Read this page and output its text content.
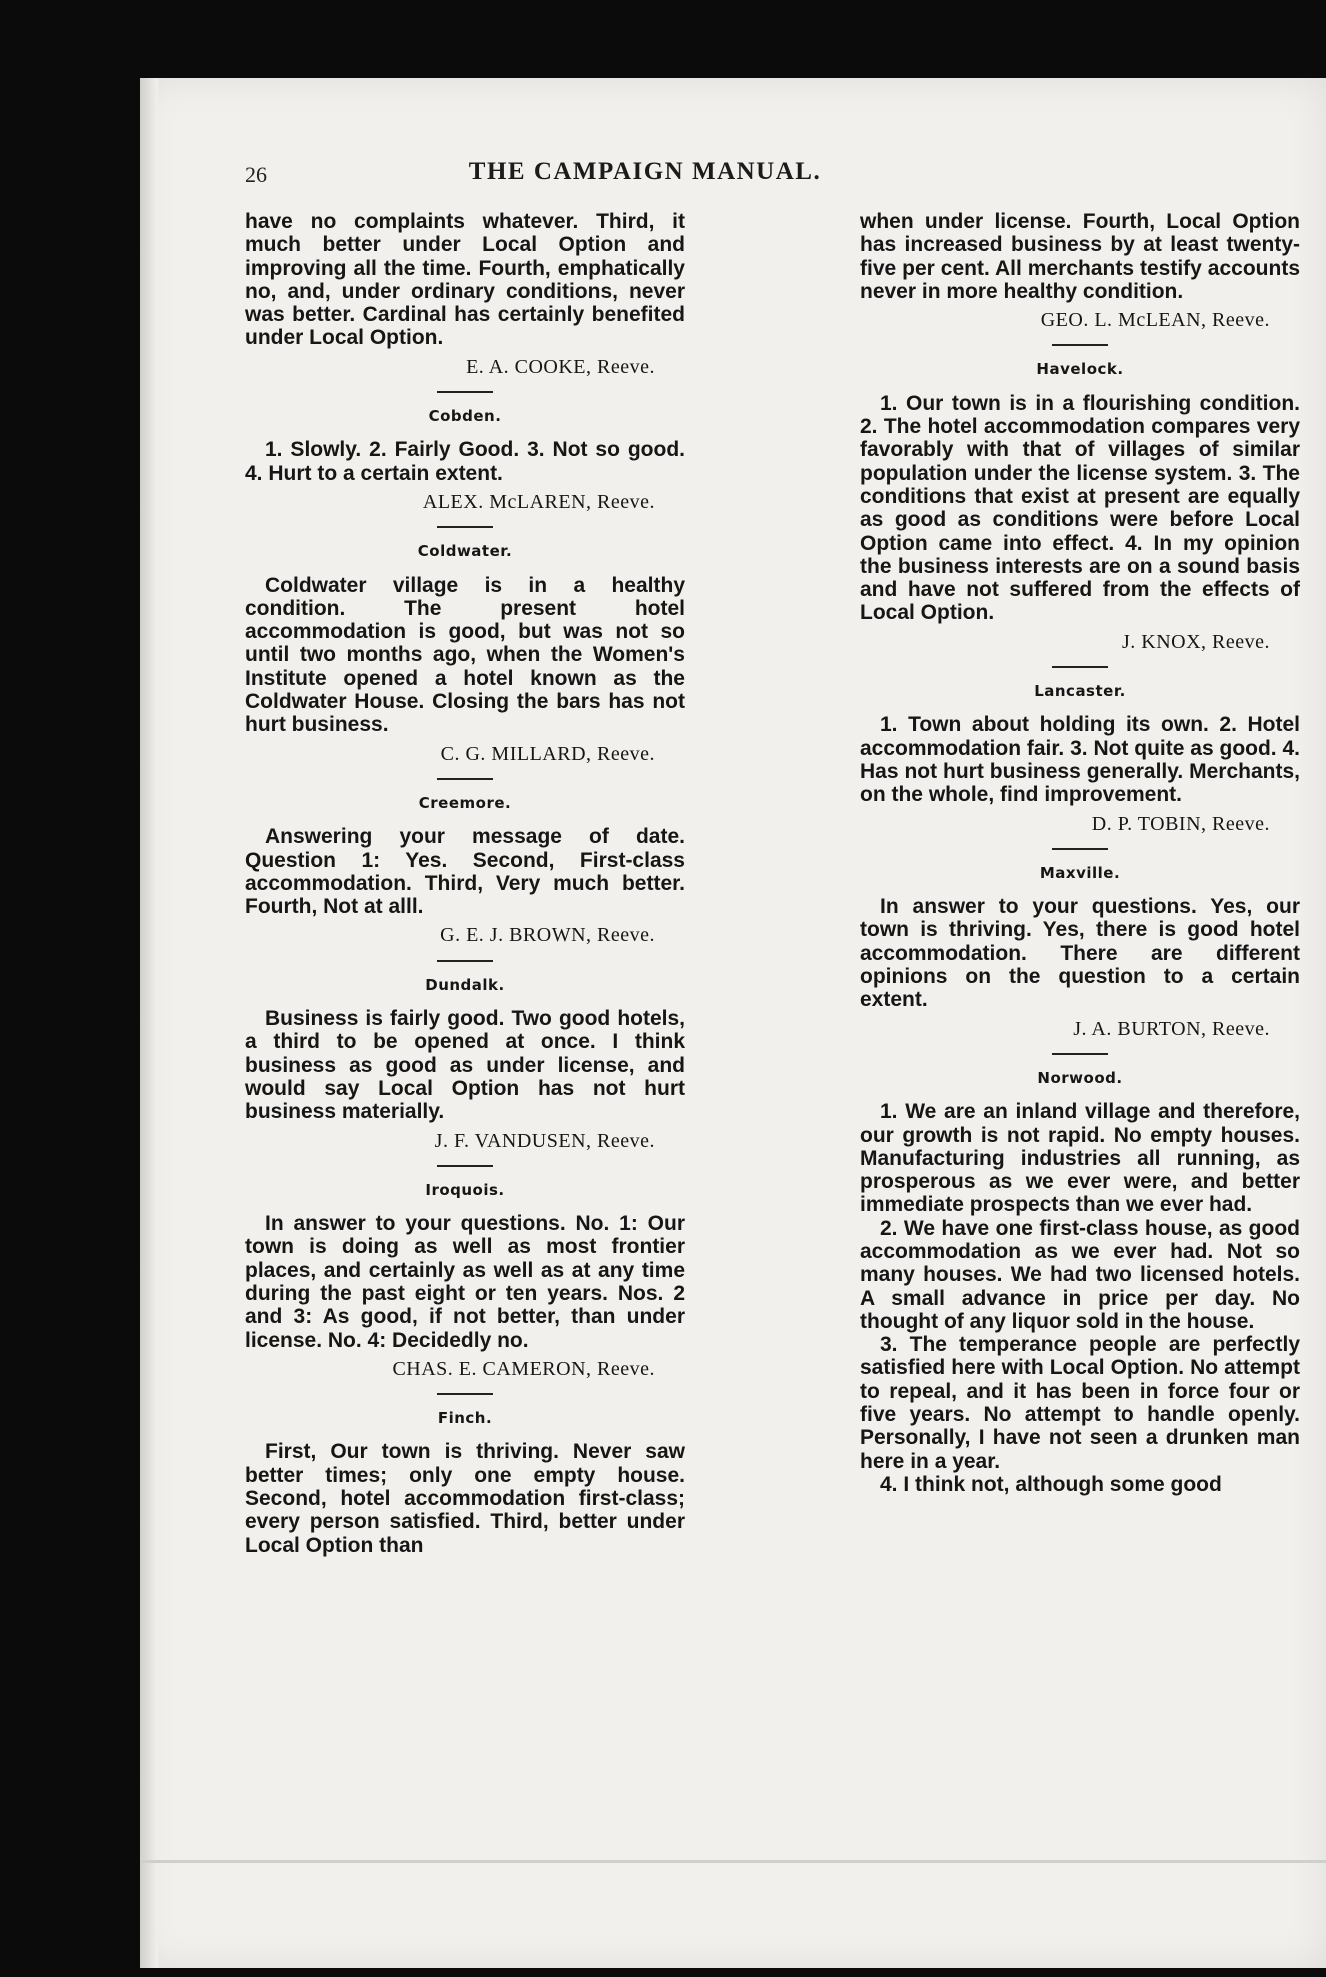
26	THE CAMPAIGN MANUAL.

have no complaints whatever. Third, it much better under Local Option and improving all the time. Fourth, emphatically no, and, under ordinary conditions, never was better. Cardinal has certainly benefited under Local Option.

E. A. COOKE, Reeve.
Cobden.

1. Slowly. 2. Fairly Good. 3. Not so good. 4. Hurt to a certain extent.

ALEX. McLAREN, Reeve.
Coldwater.

Coldwater village is in a healthy condition. The present hotel accommodation is good, but was not so until two months ago, when the Women's Institute opened a hotel known as the Coldwater House. Closing the bars has not hurt business.

C. G. MILLARD, Reeve.
Creemore.

Answering your message of date. Question 1: Yes. Second, First-class accommodation. Third, Very much better. Fourth, Not at alll.

G. E. J. BROWN, Reeve.
Dundalk.

Business is fairly good. Two good hotels, a third to be opened at once. I think business as good as under license, and would say Local Option has not hurt business materially.

J. F. VANDUSEN, Reeve.
Iroquois.

In answer to your questions. No. 1: Our town is doing as well as most frontier places, and certainly as well as at any time during the past eight or ten years. Nos. 2 and 3: As good, if not better, than under license. No. 4: Decidedly no.

CHAS. E. CAMERON, Reeve.
Finch.

First, Our town is thriving. Never saw better times; only one empty house. Second, hotel accommodation first-class; every person satisfied. Third, better under Local Option than

when under license. Fourth, Local Option has increased business by at least twenty-five per cent. All merchants testify accounts never in more healthy condition.

GEO. L. McLEAN, Reeve.
Havelock.

1. Our town is in a flourishing condition. 2. The hotel accommodation compares very favorably with that of villages of similar population under the license system. 3. The conditions that exist at present are equally as good as conditions were before Local Option came into effect. 4. In my opinion the business interests are on a sound basis and have not suffered from the effects of Local Option.

J. KNOX, Reeve.
Lancaster.

1. Town about holding its own. 2. Hotel accommodation fair. 3. Not quite as good. 4. Has not hurt business generally. Merchants, on the whole, find improvement.

D. P. TOBIN, Reeve.
Maxville.

In answer to your questions. Yes, our town is thriving. Yes, there is good hotel accommodation. There are different opinions on the question to a certain extent.

J. A. BURTON, Reeve.
Norwood.

1. We are an inland village and therefore, our growth is not rapid. No empty houses. Manufacturing industries all running, as prosperous as we ever were, and better immediate prospects than we ever had.

2. We have one first-class house, as good accommodation as we ever had. Not so many houses. We had two licensed hotels. A small advance in price per day. No thought of any liquor sold in the house.

3. The temperance people are perfectly satisfied here with Local Option. No attempt to repeal, and it has been in force four or five years. No attempt to handle openly. Personally, I have not seen a drunken man here in a year.

4. I think not, although some good
